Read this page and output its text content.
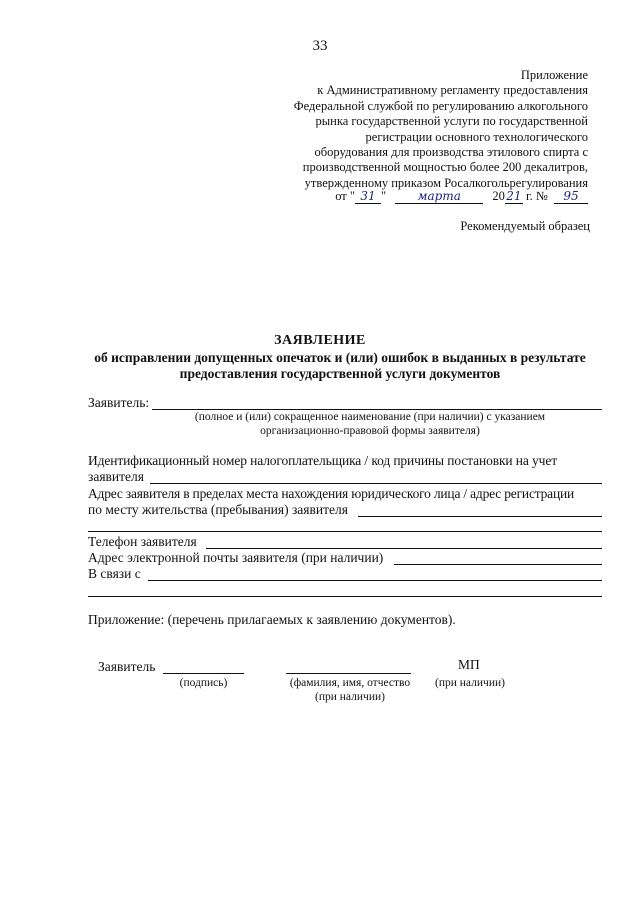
33
Приложение
к Административному регламенту предоставления
Федеральной службой по регулированию алкогольного
рынка государственной услуги по государственной
регистрации основного технологического
оборудования для производства этилового спирта с
производственной мощностью более 200 декалитров,
утвержденному приказом Росалкогольрегулирования
от " 31 "	марта	2021 г. № 95
Рекомендуемый образец
ЗАЯВЛЕНИЕ
об исправлении допущенных опечаток и (или) ошибок в выданных в результате предоставления государственной услуги документов
Заявитель:
(полное и (или) сокращенное наименование (при наличии) с указанием
организационно-правовой формы заявителя)
Идентификационный номер налогоплательщика / код причины постановки на учет
заявителя
Адрес заявителя в пределах места нахождения юридического лица / адрес регистрации
по месту жительства (пребывания) заявителя
Телефон заявителя
Адрес электронной почты заявителя (при наличии)
В связи с
Приложение: (перечень прилагаемых к заявлению документов).
Заявитель
(подпись)	(фамилия, имя, отчество
(при наличии)
МП
(при наличии)
